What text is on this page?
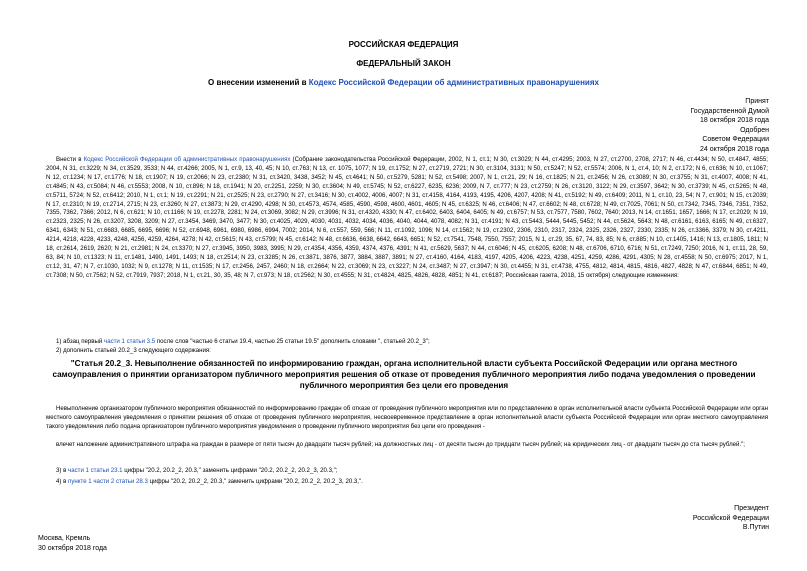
РОССИЙСКАЯ ФЕДЕРАЦИЯ
ФЕДЕРАЛЬНЫЙ ЗАКОН
О внесении изменений в Кодекс Российской Федерации об административных правонарушениях
Принят
Государственной Думой
18 октября 2018 года
Одобрен
Советом Федерации
24 октября 2018 года
Внести в Кодекс Российской Федерации об административных правонарушениях (Собрание законодательства Российской Федерации, 2002, N 1, ст.1; N 30, ст.3029; N 44, ст.4295; 2003, N 27, ст.2700, 2708, 2717; N 46, ст.4434; N 50, ст.4847, 4855; 2004, N 31, ст.3229; N 34, ст.3529, 3533; N 44, ст.4266; 2005, N 1, ст.9, 13, 40, 45; N 10, ст.763; N 13, ст. 1075, 1077; N 19, ст.1752; N 27, ст.2719, 2721; N 30, ст.3104, 3131; N 50, ст.5247; N 52, ст.5574; 2006, N 1, ст.4, 10; N 2, ст.172; N 6, ст.636; N 10, ст.1067; N 12, ст.1234; N 17, ст.1776; N 18, ст.1907; N 19, ст.2066; N 23, ст.2380; N 31, ст.3420, 3438, 3452; N 45, ст.4641; N 50, ст.5279, 5281; N 52, ст.5498; 2007, N 1, ст.21, 29; N 16, ст.1825; N 21, ст.2456; N 26, ст.3089; N 30, ст.3755; N 31, ст.4007, 4008; N 41, ст.4845; N 43, ст.5084; N 46, ст.5553; 2008, N 10, ст.896; N 18, ст.1941; N 20, ст.2251, 2259; N 30, ст.3604; N 49, ст.5745; N 52, ст.6227, 6235, 6236; 2009, N 7, ст.777; N 23, ст.2759; N 26, ст.3120, 3122; N 29, ст.3597, 3642; N 30, ст.3739; N 45, ст.5265; N 48, ст.5711, 5724; N 52, ст.6412; 2010, N 1, ст.1; N 19, ст.2291; N 21, ст.2525; N 23, ст.2790; N 27, ст.3416; N 30, ст.4002, 4006, 4007; N 31, ст.4158, 4164, 4193, 4195, 4206, 4207, 4208; N 41, ст.5192; N 49, ст.6409; 2011, N 1, ст.10, 23, 54; N 7, ст.901; N 15, ст.2039; N 17, ст.2310; N 19, ст.2714, 2715; N 23, ст.3260; N 27, ст.3873; N 29, ст.4290, 4298; N 30, ст.4573, 4574, 4585, 4590, 4598, 4600, 4601, 4605; N 45, ст.6325; N 46, ст.6406; N 47, ст.6602; N 48, ст.6728; N 49, ст.7025, 7061; N 50, ст.7342, 7345, 7346, 7351, 7352, 7355, 7362, 7366; 2012, N 6, ст.621; N 10, ст.1166; N 19, ст.2278, 2281; N 24, ст.3069, 3082; N 29, ст.3996; N 31, ст.4320, 4330; N 47, ст.6402, 6403, 6404, 6405; N 49, ст.6757; N 53, ст.7577, 7580, 7602, 7640; 2013, N 14, ст.1651, 1657, 1666; N 17, ст.2029; N 19, ст.2323, 2325; N 26, ст.3207, 3208, 3209; N 27, ст.3454, 3469, 3470, 3477; N 30, ст.4025, 4029, 4030, 4031, 4032, 4034, 4036, 4040, 4044, 4078, 4082; N 31, ст.4191; N 43, ст.5443, 5444, 5445, 5452; N 44, ст.5624, 5643; N 48, ст.6161, 6163, 6165; N 49, ст.6327, 6341, 6343; N 51, ст.6683, 6685, 6695, 6696; N 52, ст.6948, 6961, 6980, 6986, 6994, 7002; 2014, N 6, ст.557, 559, 566; N 11, ст.1092, 1096; N 14, ст.1562; N 19, ст.2302, 2306, 2310, 2317, 2324, 2325, 2326, 2327, 2330, 2335; N 26, ст.3366, 3379; N 30, ст.4211, 4214, 4218, 4228, 4233, 4248, 4256, 4259, 4264, 4278; N 42, ст.5615; N 43, ст.5799; N 45, ст.6142; N 48, ст.6636, 6638, 6642, 6643, 6651; N 52, ст.7541, 7548, 7550, 7557; 2015, N 1, ст.29, 35, 67, 74, 83, 85; N 6, ст.885; N 10, ст.1405, 1416; N 13, ст.1805, 1811; N 18, ст.2614, 2619, 2620; N 21, ст.2981; N 24, ст.3370; N 27, ст.3945, 3950, 3983, 3995; N 29, ст.4354, 4356, 4359, 4374, 4376, 4391; N 41, ст.5629, 5637; N 44, ст.6046; N 45, ст.6205, 6208; N 48, ст.6706, 6710, 6716; N 51, ст.7249, 7250; 2016, N 1, ст.11, 28, 59, 63, 84; N 10, ст.1323; N 11, ст.1481, 1490, 1491, 1493; N 18, ст.2514; N 23, ст.3285; N 26, ст.3871, 3876, 3877, 3884, 3887, 3891; N 27, ст.4160, 4164, 4183, 4197, 4205, 4206, 4223, 4238, 4251, 4259, 4286, 4291, 4305; N 28, ст.4558; N 50, ст.6975; 2017, N 1, ст.12, 31, 47; N 7, ст.1030, 1032; N 9, ст.1278; N 11, ст.1535; N 17, ст.2456, 2457, 2460; N 18, ст.2664; N 22, ст.3069; N 23, ст.3227; N 24, ст.3487; N 27, ст.3947; N 30, ст.4455; N 31, ст.4738, 4755, 4812, 4814, 4815, 4816, 4827, 4828; N 47, ст.6844, 6851; N 49, ст.7308; N 50, ст.7562; N 52, ст.7919, 7937; 2018, N 1, ст.21, 30, 35, 48; N 7, ст.973; N 18, ст.2562; N 30, ст.4555; N 31, ст.4824, 4825, 4826, 4828, 4851; N 41, ст.6187; Российская газета, 2018, 15 октября) следующие изменения:
1) абзац первый части 1 статьи 3.5 после слов "частью 6 статьи 19.4, частью 25 статьи 19.5" дополнить словами ", статьей 20.2_3";
2) дополнить статьей 20.2_3 следующего содержания:
"Статья 20.2_3. Невыполнение обязанностей по информированию граждан, органа исполнительной власти субъекта Российской Федерации или органа местного самоуправления о принятии организатором публичного мероприятия решения об отказе от проведения публичного мероприятия либо подача уведомления о проведении публичного мероприятия без цели его проведения
Невыполнение организатором публичного мероприятия обязанностей по информированию граждан об отказе от проведения публичного мероприятия или по представлению в орган исполнительной власти субъекта Российской Федерации или орган местного самоуправления уведомления о принятии решения об отказе от проведения публичного мероприятия, несвоевременное представление в орган исполнительной власти субъекта Российской Федерации или орган местного самоуправления такого уведомления либо подача организатором публичного мероприятия уведомления о проведении публичного мероприятия без цели его проведения -
влечет наложение административного штрафа на граждан в размере от пяти тысяч до двадцати тысяч рублей; на должностных лиц - от десяти тысяч до тридцати тысяч рублей; на юридических лиц - от двадцати тысяч до ста тысяч рублей.";
3) в части 1 статьи 23.1 цифры "20.2, 20.2_2, 20.3," заменить цифрами "20.2, 20.2_2, 20.2_3, 20.3,";
4) в пункте 1 части 2 статьи 28.3 цифры "20.2, 20.2_2, 20.3," заменить цифрами "20.2, 20.2_2, 20.2_3, 20.3,".
Президент
Российской Федерации
В.Путин
Москва, Кремль
30 октября 2018 года
